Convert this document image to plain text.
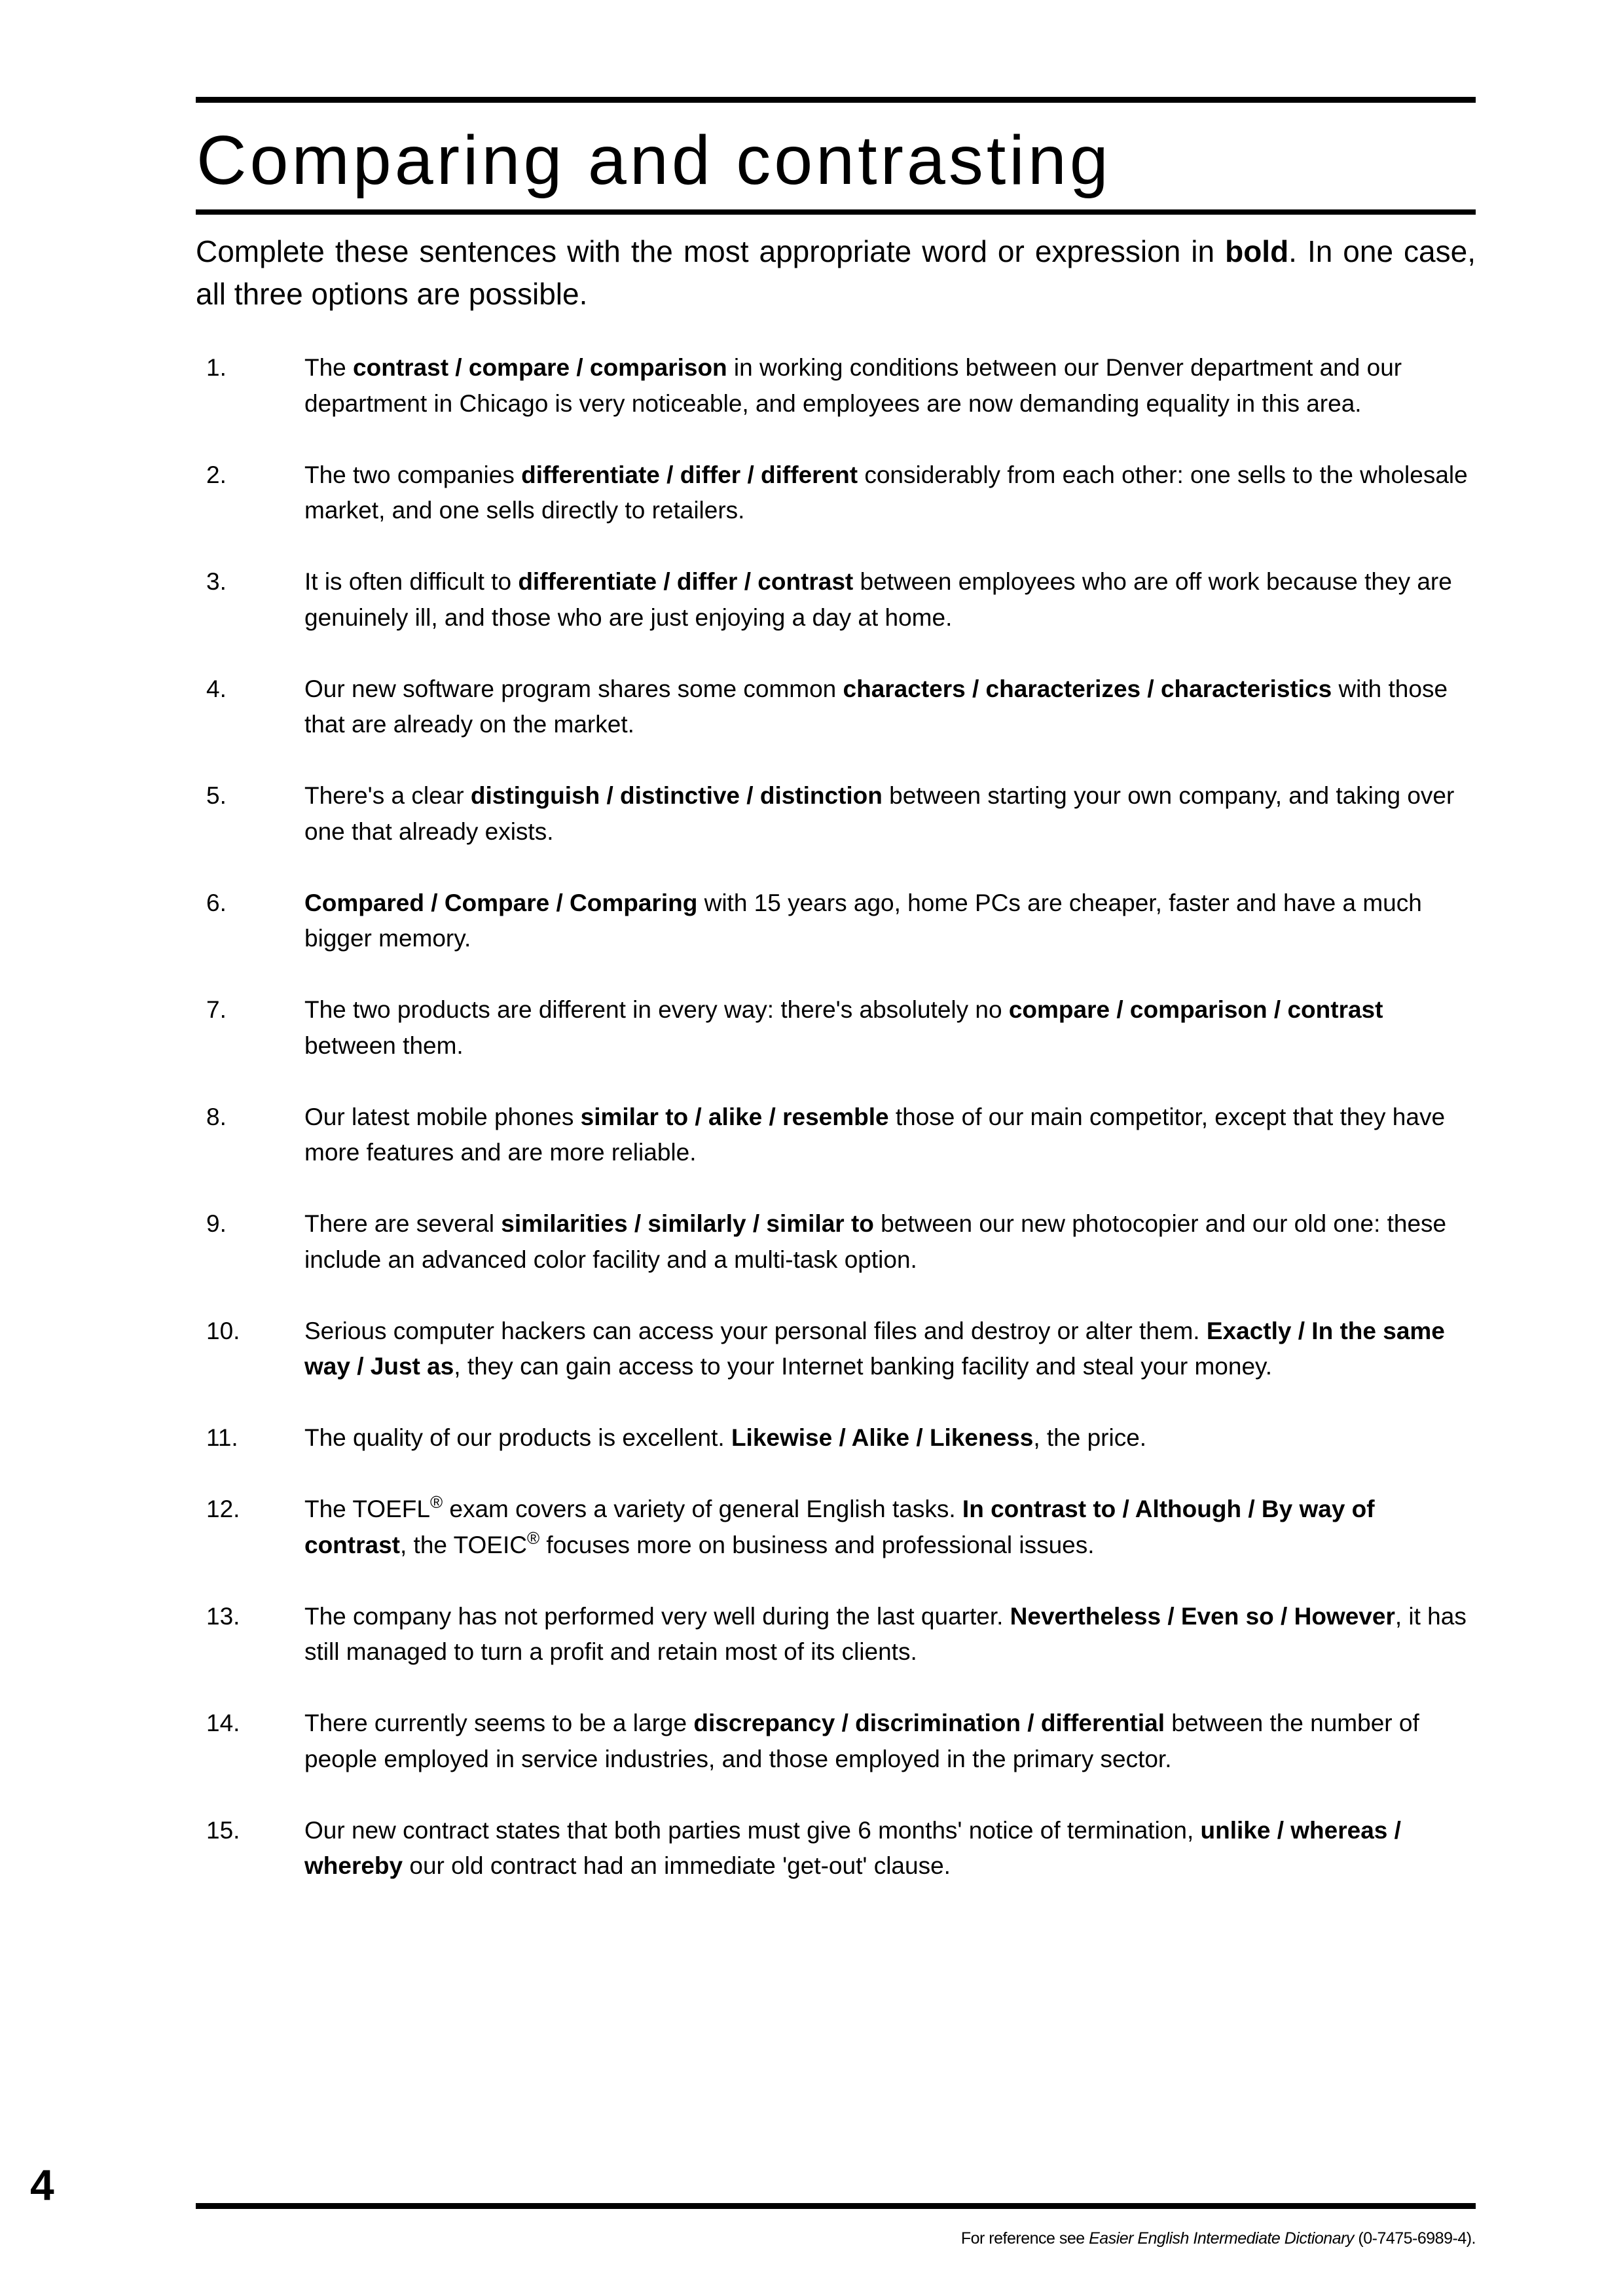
Comparing and contrasting

Complete these sentences with the most appropriate word or expression in bold. In one case, all three options are possible.

1.	The contrast / compare / comparison in working conditions between our Denver department and our department in Chicago is very noticeable, and employees are now demanding equality in this area.
2.	The two companies differentiate / differ / different considerably from each other: one sells to the wholesale market, and one sells directly to retailers.
3.	It is often difficult to differentiate / differ / contrast between employees who are off work because they are genuinely ill, and those who are just enjoying a day at home.
4.	Our new software program shares some common characters / characterizes / characteristics with those that are already on the market.
5.	There's a clear distinguish / distinctive / distinction between starting your own company, and taking over one that already exists.
6.	Compared / Compare / Comparing with 15 years ago, home PCs are cheaper, faster and have a much bigger memory.
7.	The two products are different in every way: there's absolutely no compare / comparison / contrast between them.
8.	Our latest mobile phones similar to / alike / resemble those of our main competitor, except that they have more features and are more reliable.
9.	There are several similarities / similarly / similar to between our new photocopier and our old one: these include an advanced color facility and a multi-task option.
10.	Serious computer hackers can access your personal files and destroy or alter them. Exactly / In the same way / Just as, they can gain access to your Internet banking facility and steal your money.
11.	The quality of our products is excellent. Likewise / Alike / Likeness, the price.
12.	The TOEFL® exam covers a variety of general English tasks. In contrast to / Although / By way of contrast, the TOEIC® focuses more on business and professional issues.
13.	The company has not performed very well during the last quarter. Nevertheless / Even so / However, it has still managed to turn a profit and retain most of its clients.
14.	There currently seems to be a large discrepancy / discrimination / differential between the number of people employed in service industries, and those employed in the primary sector.
15.	Our new contract states that both parties must give 6 months' notice of termination, unlike / whereas / whereby our old contract had an immediate 'get-out' clause.
4
For reference see Easier English Intermediate Dictionary (0-7475-6989-4).
